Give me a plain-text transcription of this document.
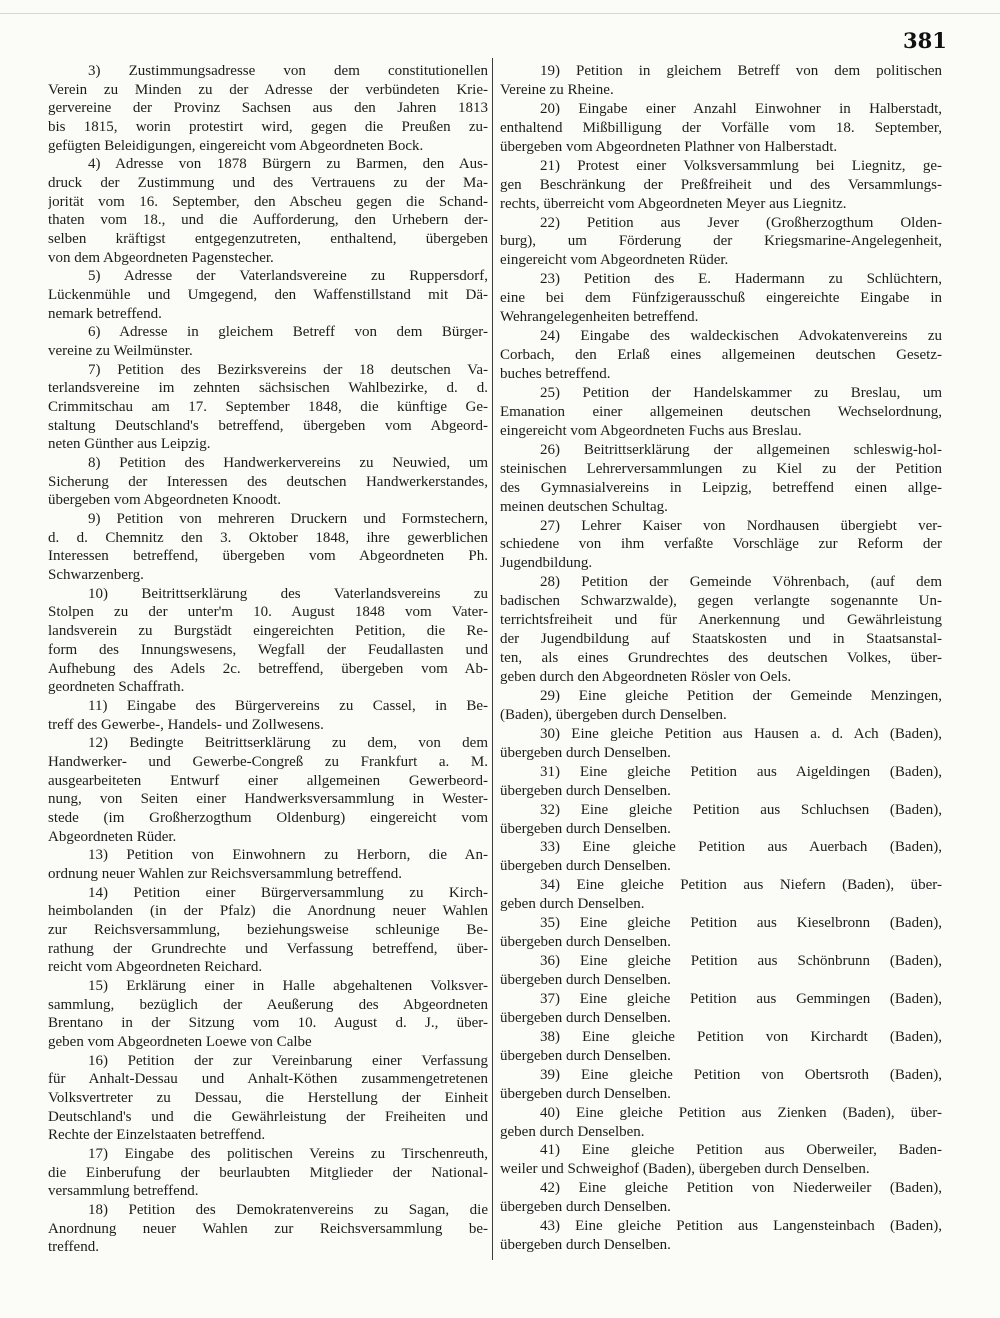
381
3) Zustimmungsadresse von dem constitutionellen
Verein zu Minden zu der Adresse der verbündeten Krie-
gervereine der Provinz Sachsen aus den Jahren 1813
bis 1815, worin protestirt wird, gegen die Preußen zu-
gefügten Beleidigungen, eingereicht vom Abgeordneten Bock.
4) Adresse von 1878 Bürgern zu Barmen, den Aus-
druck der Zustimmung und des Vertrauens zu der Ma-
jorität vom 16. September, den Abscheu gegen die Schand-
thaten vom 18., und die Aufforderung, den Urhebern der-
selben kräftigst entgegenzutreten, enthaltend, übergeben
von dem Abgeordneten Pagenstecher.
5) Adresse der Vaterlandsvereine zu Ruppersdorf,
Lückenmühle und Umgegend, den Waffenstillstand mit Dä-
nemark betreffend.
6) Adresse in gleichem Betreff von dem Bürger-
vereine zu Weilmünster.
7) Petition des Bezirksvereins der 18 deutschen Va-
terlandsvereine im zehnten sächsischen Wahlbezirke, d. d.
Crimmitschau am 17. September 1848, die künftige Ge-
staltung Deutschland's betreffend, übergeben vom Abgeord-
neten Günther aus Leipzig.
8) Petition des Handwerkervereins zu Neuwied, um
Sicherung der Interessen des deutschen Handwerkerstandes,
übergeben vom Abgeordneten Knoodt.
9) Petition von mehreren Druckern und Formstechern,
d. d. Chemnitz den 3. Oktober 1848, ihre gewerblichen
Interessen betreffend, übergeben vom Abgeordneten Ph.
Schwarzenberg.
10) Beitrittserklärung des Vaterlandsvereins zu
Stolpen zu der unter'm 10. August 1848 vom Vater-
landsverein zu Burgstädt eingereichten Petition, die Re-
form des Innungswesens, Wegfall der Feudallasten und
Aufhebung des Adels 2c. betreffend, übergeben vom Ab-
geordneten Schaffrath.
11) Eingabe des Bürgervereins zu Cassel, in Be-
treff des Gewerbe-, Handels- und Zollwesens.
12) Bedingte Beitrittserklärung zu dem, von dem
Handwerker- und Gewerbe-Congreß zu Frankfurt a. M.
ausgearbeiteten Entwurf einer allgemeinen Gewerbeord-
nung, von Seiten einer Handwerksversammlung in Wester-
stede (im Großherzogthum Oldenburg) eingereicht vom
Abgeordneten Rüder.
13) Petition von Einwohnern zu Herborn, die An-
ordnung neuer Wahlen zur Reichsversammlung betreffend.
14) Petition einer Bürgerversammlung zu Kirch-
heimbolanden (in der Pfalz) die Anordnung neuer Wahlen
zur Reichsversammlung, beziehungsweise schleunige Be-
rathung der Grundrechte und Verfassung betreffend, über-
reicht vom Abgeordneten Reichard.
15) Erklärung einer in Halle abgehaltenen Volksver-
sammlung, bezüglich der Aeußerung des Abgeordneten
Brentano in der Sitzung vom 10. August d. J., über-
geben vom Abgeordneten Loewe von Calbe
16) Petition der zur Vereinbarung einer Verfassung
für Anhalt-Dessau und Anhalt-Köthen zusammengetretenen
Volksvertreter zu Dessau, die Herstellung der Einheit
Deutschland's und die Gewährleistung der Freiheiten und
Rechte der Einzelstaaten betreffend.
17) Eingabe des politischen Vereins zu Tirschenreuth,
die Einberufung der beurlaubten Mitglieder der National-
versammlung betreffend.
18) Petition des Demokratenvereins zu Sagan, die
Anordnung neuer Wahlen zur Reichsversammlung be-
treffend.
19) Petition in gleichem Betreff von dem politischen
Vereine zu Rheine.
20) Eingabe einer Anzahl Einwohner in Halberstadt,
enthaltend Mißbilligung der Vorfälle vom 18. September,
übergeben vom Abgeordneten Plathner von Halberstadt.
21) Protest einer Volksversammlung bei Liegnitz, ge-
gen Beschränkung der Preßfreiheit und des Versammlungs-
rechts, überreicht vom Abgeordneten Meyer aus Liegnitz.
22) Petition aus Jever (Großherzogthum Olden-
burg), um Förderung der Kriegsmarine-Angelegenheit,
eingereicht vom Abgeordneten Rüder.
23) Petition des E. Hadermann zu Schlüchtern,
eine bei dem Fünfzigerausschuß eingereichte Eingabe in
Wehrangelegenheiten betreffend.
24) Eingabe des waldeckischen Advokatenvereins zu
Corbach, den Erlaß eines allgemeinen deutschen Gesetz-
buches betreffend.
25) Petition der Handelskammer zu Breslau, um
Emanation einer allgemeinen deutschen Wechselordnung,
eingereicht vom Abgeordneten Fuchs aus Breslau.
26) Beitrittserklärung der allgemeinen schleswig-hol-
steinischen Lehrerversammlungen zu Kiel zu der Petition
des Gymnasialvereins in Leipzig, betreffend einen allge-
meinen deutschen Schultag.
27) Lehrer Kaiser von Nordhausen übergiebt ver-
schiedene von ihm verfaßte Vorschläge zur Reform der
Jugendbildung.
28) Petition der Gemeinde Vöhrenbach, (auf dem
badischen Schwarzwalde), gegen verlangte sogenannte Un-
terrichtsfreiheit und für Anerkennung und Gewährleistung
der Jugendbildung auf Staatskosten und in Staatsanstal-
ten, als eines Grundrechtes des deutschen Volkes, über-
geben durch den Abgeordneten Rösler von Oels.
29) Eine gleiche Petition der Gemeinde Menzingen,
(Baden), übergeben durch Denselben.
30) Eine gleiche Petition aus Hausen a. d. Ach (Baden),
übergeben durch Denselben.
31) Eine gleiche Petition aus Aigeldingen (Baden),
übergeben durch Denselben.
32) Eine gleiche Petition aus Schluchsen (Baden),
übergeben durch Denselben.
33) Eine gleiche Petition aus Auerbach (Baden),
übergeben durch Denselben.
34) Eine gleiche Petition aus Niefern (Baden), über-
geben durch Denselben.
35) Eine gleiche Petition aus Kieselbronn (Baden),
übergeben durch Denselben.
36) Eine gleiche Petition aus Schönbrunn (Baden),
übergeben durch Denselben.
37) Eine gleiche Petition aus Gemmingen (Baden),
übergeben durch Denselben.
38) Eine gleiche Petition von Kirchardt (Baden),
übergeben durch Denselben.
39) Eine gleiche Petition von Obertsroth (Baden),
übergeben durch Denselben.
40) Eine gleiche Petition aus Zienken (Baden), über-
geben durch Denselben.
41) Eine gleiche Petition aus Oberweiler, Baden-
weiler und Schweighof (Baden), übergeben durch Denselben.
42) Eine gleiche Petition von Niederweiler (Baden),
übergeben durch Denselben.
43) Eine gleiche Petition aus Langensteinbach (Baden),
übergeben durch Denselben.
